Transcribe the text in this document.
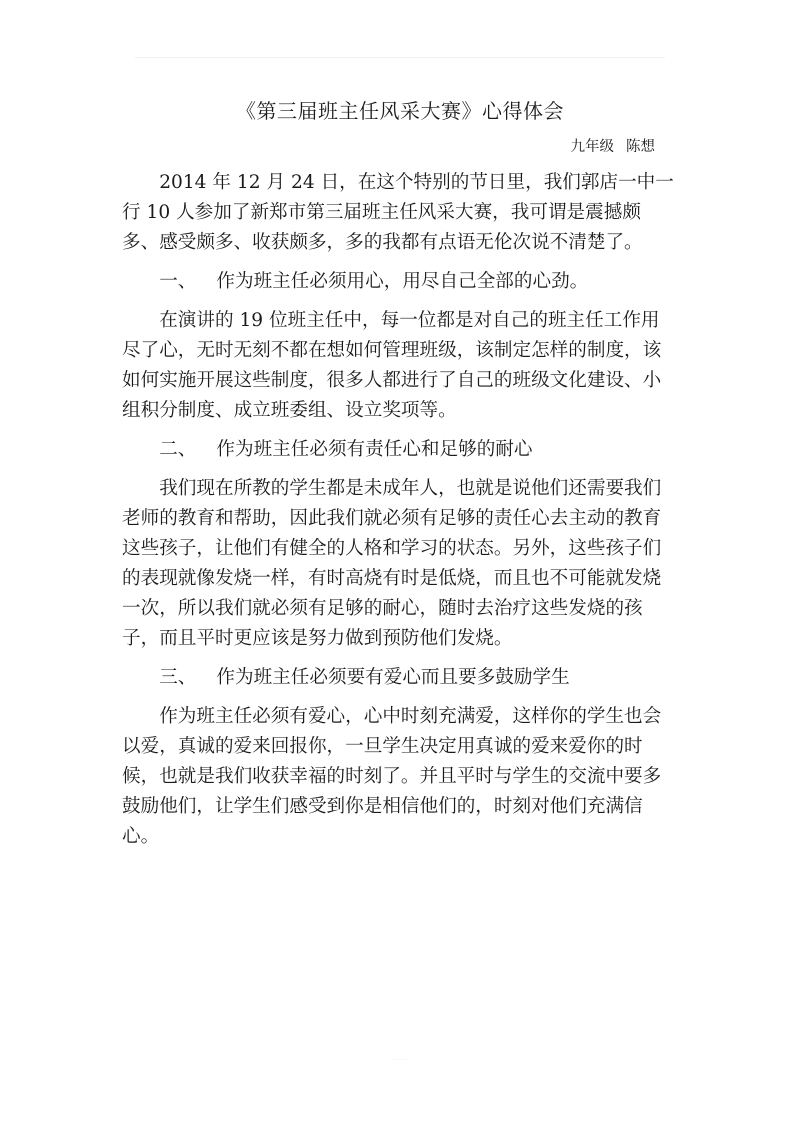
《第三届班主任风采大赛》心得体会
九年级 陈想

2014 年 12 月 24 日，在这个特别的节日里，我们郭店一中一行 10 人参加了新郑市第三届班主任风采大赛，我可谓是震撼颇多、感受颇多、收获颇多，多的我都有点语无伦次说不清楚了。

一、 作为班主任必须用心，用尽自己全部的心劲。

在演讲的 19 位班主任中，每一位都是对自己的班主任工作用尽了心，无时无刻不都在想如何管理班级，该制定怎样的制度，该如何实施开展这些制度，很多人都进行了自己的班级文化建设、小组积分制度、成立班委组、设立奖项等。

二、 作为班主任必须有责任心和足够的耐心

我们现在所教的学生都是未成年人，也就是说他们还需要我们老师的教育和帮助，因此我们就必须有足够的责任心去主动的教育这些孩子，让他们有健全的人格和学习的状态。另外，这些孩子们的表现就像发烧一样，有时高烧有时是低烧，而且也不可能就发烧一次，所以我们就必须有足够的耐心，随时去治疗这些发烧的孩子，而且平时更应该是努力做到预防他们发烧。

三、 作为班主任必须要有爱心而且要多鼓励学生

作为班主任必须有爱心，心中时刻充满爱，这样你的学生也会以爱，真诚的爱来回报你，一旦学生决定用真诚的爱来爱你的时候，也就是我们收获幸福的时刻了。并且平时与学生的交流中要多鼓励他们，让学生们感受到你是相信他们的，时刻对他们充满信心。

· · · · ·
